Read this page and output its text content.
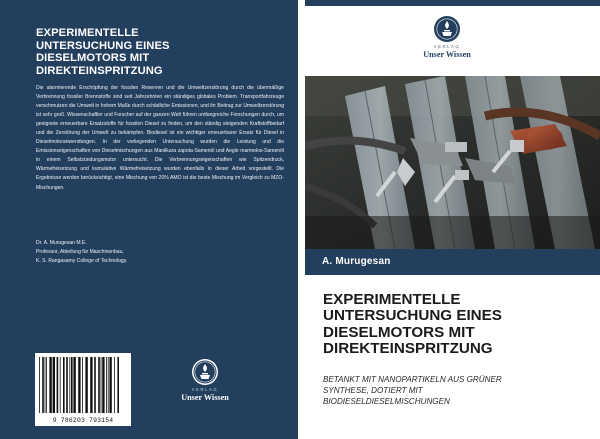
EXPERIMENTELLE
UNTERSUCHUNG EINES
DIESELMOTORS MIT
DIREKTEINSPRITZUNG
Die alarmierende Erschöpfung der fossilen Reserven und die Umweltzerstörung durch die übermäßige Verbrennung fossiler Brennstoffe sind seit Jahrzehnten ein ständiges globales Problem. Transportfahrzeuge verschmutzen die Umwelt in hohem Maße durch schädliche Emissionen, und ihr Beitrag zur Umweltzerstörung ist sehr groß. Wissenschaftler und Forscher auf der ganzen Welt führen umfangreiche Forschungen durch, um geeignete erneuerbare Ersatzstoffe für fossilen Diesel zu finden, um den ständig steigenden Kraftstoffbedarf und die Zerstörung der Umwelt zu bekämpfen. Biodiesel ist ein wichtiger erneuerbarer Ersatz für Diesel in Dieselmotoranwendungen. In der vorliegenden Untersuchung wurden die Leistung und die Emissionseigenschaften von Dieselmischungen aus Manilkara zapota-Samenöl und Aegle marmelos-Samenöl in einem Selbstzündungsmotor untersucht. Die Verbrennungseigenschaften wie Spitzendruck, Wärmefreisetzung und kumulative Wärmefreisetzung wurden ebenfalls in dieser Arbeit vorgestellt. Die Ergebnisse werden berücksichtigt, eine Mischung von 20% AMO ist die beste Mischung im Vergleich zu MZO-Mischungen.
Dr. A. Murugesan M.E.
Professor, Abteilung für Maschinenbau,
K. S. Rangasamy College of Technology.
9 786203 793154
VERLAG
Unser Wissen
VERLAG
Unser Wissen
A. Murugesan
EXPERIMENTELLE
UNTERSUCHUNG EINES
DIESELMOTORS MIT
DIREKTEINSPRITZUNG
BETANKT MIT NANOPARTIKELN AUS GRÜNER
SYNTHESE, DOTIERT MIT
BIODIESELDIESELMISCHUNGEN
